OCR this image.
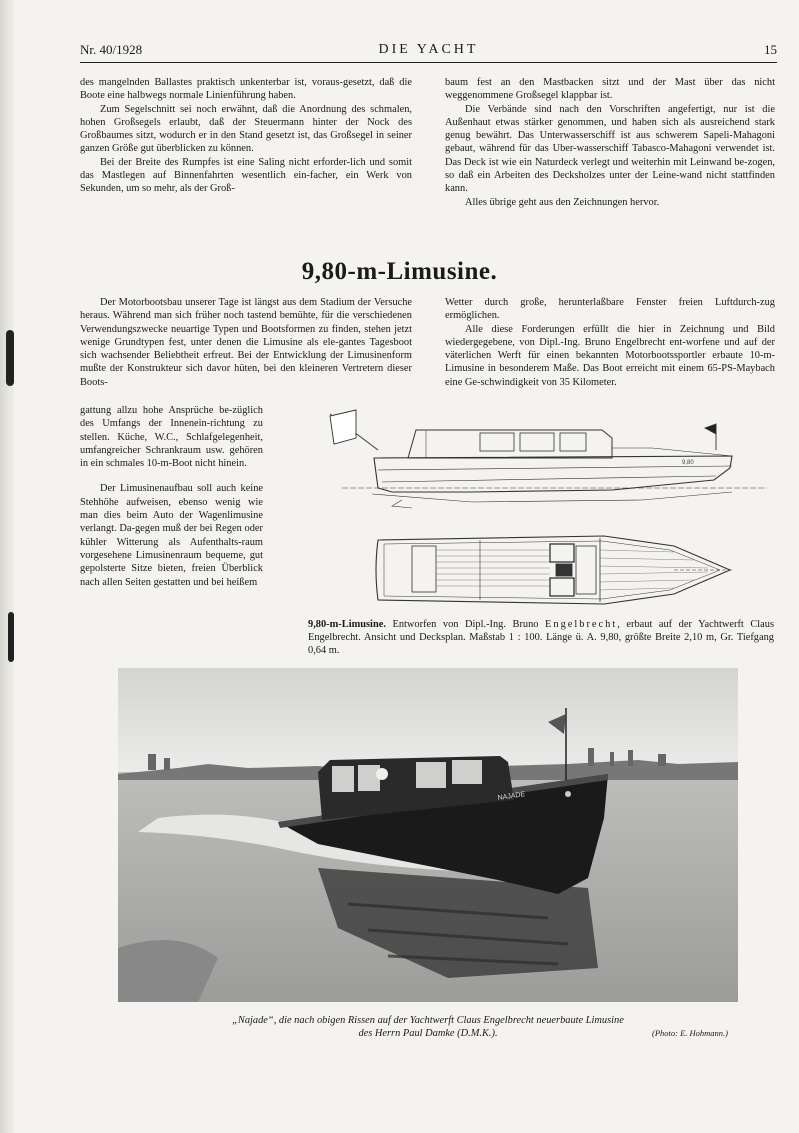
Nr. 40/1928	DIE YACHT	15

des mangelnden Ballastes praktisch unkenterbar ist, voraus-gesetzt, daß die Boote eine halbwegs normale Linienführung haben.

Zum Segelschnitt sei noch erwähnt, daß die Anordnung des schmalen, hohen Großsegels erlaubt, daß der Steuermann hinter der Nock des Großbaumes sitzt, wodurch er in den Stand gesetzt ist, das Großsegel in seiner ganzen Größe gut überblicken zu können.

Bei der Breite des Rumpfes ist eine Saling nicht erforder-lich und somit das Mastlegen auf Binnenfahrten wesentlich ein-facher, ein Werk von Sekunden, um so mehr, als der Groß-

baum fest an den Mastbacken sitzt und der Mast über das nicht weggenommene Großsegel klappbar ist.

Die Verbände sind nach den Vorschriften angefertigt, nur ist die Außenhaut etwas stärker genommen, und haben sich als ausreichend stark genug bewährt. Das Unterwasserschiff ist aus schwerem Sapeli-Mahagoni gebaut, während für das Uber-wasserschiff Tabasco-Mahagoni verwendet ist. Das Deck ist wie ein Naturdeck verlegt und weiterhin mit Leinwand be-zogen, so daß ein Arbeiten des Decksholzes unter der Leine-wand nicht stattfinden kann.

Alles übrige geht aus den Zeichnungen hervor.

9,80-m-Limusine.

Der Motorbootsbau unserer Tage ist längst aus dem Stadium der Versuche heraus. Während man sich früher noch tastend bemühte, für die verschiedenen Verwendungszwecke neuartige Typen und Bootsformen zu finden, stehen jetzt wenige Grundtypen fest, unter denen die Limusine als ele-gantes Tagesboot sich wachsender Beliebtheit erfreut. Bei der Entwicklung der Limusinenform mußte der Konstrukteur sich davor hüten, bei den kleineren Vertretern dieser Boots-

gattung allzu hohe Ansprüche be-züglich des Umfangs der Innenein-richtung zu stellen. Küche, W.C., Schlafgelegenheit, umfangreicher Schrankraum usw. gehören in ein schmales 10-m-Boot nicht hinein.

Der Limusinenaufbau soll auch keine Stehhöhe aufweisen, ebenso wenig wie man dies beim Auto der Wagenlimusine verlangt. Da-gegen muß der bei Regen oder kühler Witterung als Aufenthalts-raum vorgesehene Limusinenraum bequeme, gut gepolsterte Sitze bieten, freien Überblick nach allen Seiten gestatten und bei heißem

Wetter durch große, herunterlaßbare Fenster freien Luftdurch-zug ermöglichen.

Alle diese Forderungen erfüllt die hier in Zeichnung und Bild wiedergegebene, von Dipl.-Ing. Bruno Engelbrecht ent-worfene und auf der väterlichen Werft für einen bekannten Motorbootssportler erbaute 10-m-Limusine in besonderem Maße. Das Boot erreicht mit einem 65-PS-Maybach eine Ge-schwindigkeit von 35 Kilometer.

9,80
9,80-m-Limusine. Entworfen von Dipl.-Ing. Bruno Engelbrecht, erbaut auf der Yachtwerft Claus Engelbrecht. Ansicht und Decksplan. Maßstab 1 : 100. Länge ü. A. 9,80, größte Breite 2,10 m, Gr. Tiefgang 0,64 m.
NAJADE
„Najade“, die nach obigen Rissen auf der Yachtwerft Claus Engelbrecht neuerbaute Limusine
des Herrn Paul Damke (D.M.K.).	(Photo: E. Hohmann.)
